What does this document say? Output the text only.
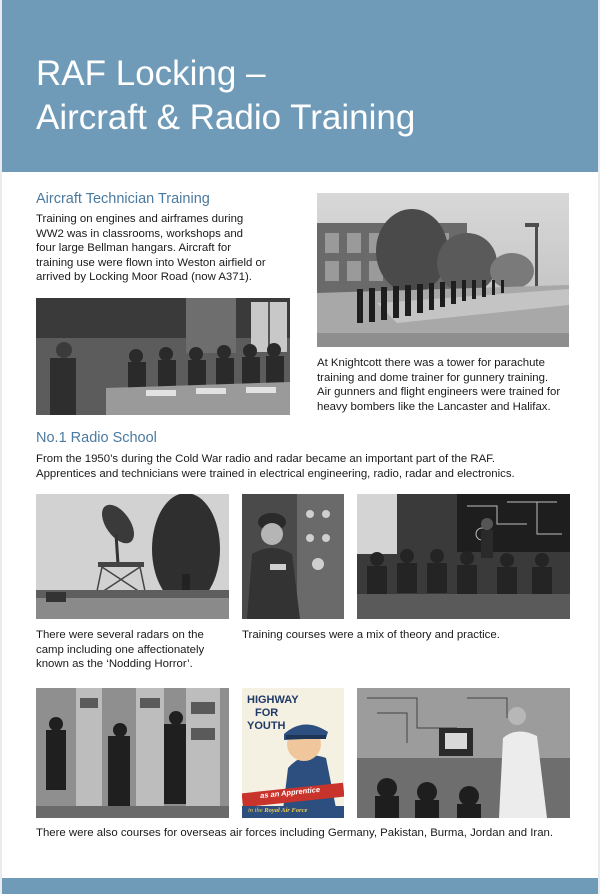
RAF Locking –
Aircraft & Radio Training
Aircraft Technician Training
Training on engines and airframes during
WW2 was in classrooms, workshops and
four large Bellman hangars. Aircraft for
training use were flown into Weston airfield or
arrived by Locking Moor Road (now A371).
At Knightcott there was a tower for parachute
training and dome trainer for gunnery training.
Air gunners and flight engineers were trained for
heavy bombers like the Lancaster and Halifax.
No.1 Radio School
From the 1950’s during the Cold War radio and radar became an important part of the RAF.
Apprentices and technicians were trained in electrical engineering, radio, radar and electronics.
There were several radars on the
camp including one affectionately
known as the ‘Nodding Horror’.
Training courses were a mix of theory and practice.
HIGHWAY
FOR
YOUTH
as an Apprentice
in the Royal Air Force
There were also courses for overseas air forces including Germany, Pakistan, Burma, Jordan and Iran.
